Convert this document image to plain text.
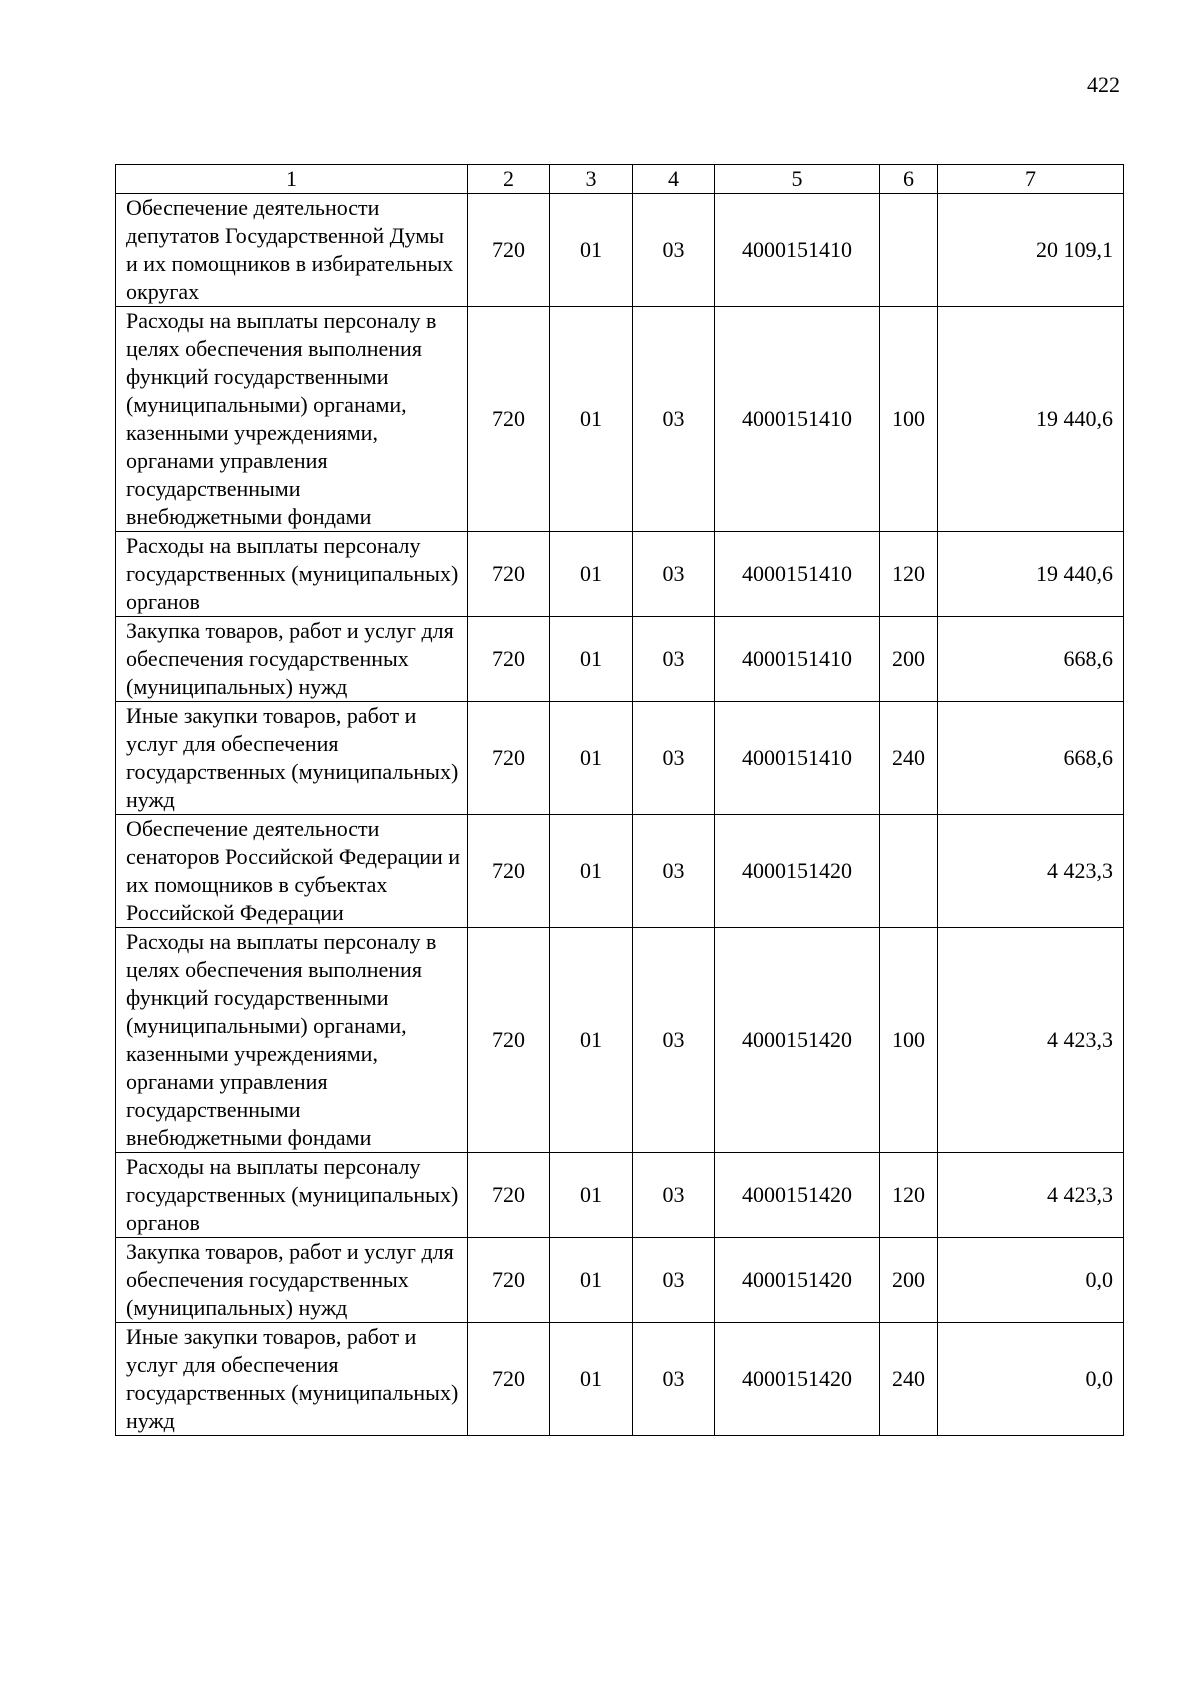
422
1	2	3	4	5	6	7
Обеспечение деятельности депутатов Государственной Думы и их помощников в избирательных округах	720	01	03	4000151410		20 109,1
Расходы на выплаты персоналу в целях обеспечения выполнения функций государственными (муниципальными) органами, казенными учреждениями, органами управления государственными внебюджетными фондами	720	01	03	4000151410	100	19 440,6
Расходы на выплаты персоналу государственных (муниципальных) органов	720	01	03	4000151410	120	19 440,6
Закупка товаров, работ и услуг для обеспечения государственных (муниципальных) нужд	720	01	03	4000151410	200	668,6
Иные закупки товаров, работ и услуг для обеспечения государственных (муниципальных) нужд	720	01	03	4000151410	240	668,6
Обеспечение деятельности сенаторов Российской Федерации и их помощников в субъектах Российской Федерации	720	01	03	4000151420		4 423,3
Расходы на выплаты персоналу в целях обеспечения выполнения функций государственными (муниципальными) органами, казенными учреждениями, органами управления государственными внебюджетными фондами	720	01	03	4000151420	100	4 423,3
Расходы на выплаты персоналу государственных (муниципальных) органов	720	01	03	4000151420	120	4 423,3
Закупка товаров, работ и услуг для обеспечения государственных (муниципальных) нужд	720	01	03	4000151420	200	0,0
Иные закупки товаров, работ и услуг для обеспечения государственных (муниципальных) нужд	720	01	03	4000151420	240	0,0
